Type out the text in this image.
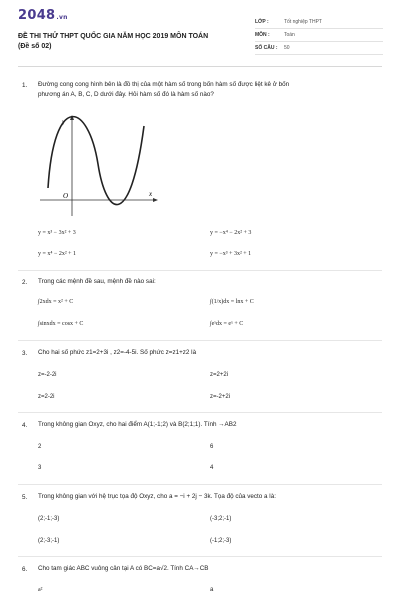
2048.vn
ĐỀ THI THỬ THPT QUỐC GIA NĂM HỌC 2019 MÔN TOÁN
(Đề số 02)
LỚP :	Tốt nghiệp THPT
MÔN :	Toán
SỐ CÂU : 50
1. Đường cong cong hình bên là đồ thị của một hàm số trong bốn hàm số được liệt kê ở bốn
phương án A, B, C, D dưới đây. Hỏi hàm số đó là hàm số nào?
y
x
O
y = x³ − 3x² + 3	y = −x⁴ − 2x² + 3
y = x⁴ − 2x² + 1	y = −x³ + 3x² + 1
2. Trong các mệnh đề sau, mệnh đề nào sai:
∫2xdx = x² + C	∫(1/x)dx = lnx + C
∫sinxdx = cosx + C	∫eˣdx = eˣ + C
3. Cho hai số phức z1=2+3i , z2=-4-5i. Số phức z=z1+z2 là
z=-2-2i	z=2+2i
z=2-2i	z=-2+2i
4. Trong không gian Oxyz, cho hai điểm A(1;-1;2) và B(2;1;1). Tính →AB2
2	6
3	4
5. Trong không gian với hệ trục tọa độ Oxyz, cho a = −i + 2j − 3k. Tọa độ của vecto a là:
(2;-1;-3)	(-3;2;-1)
(2;-3;-1)	(-1;2;-3)
6. Cho tam giác ABC vuông cân tại A có BC=a√2. Tính CA→CB
a²	a
